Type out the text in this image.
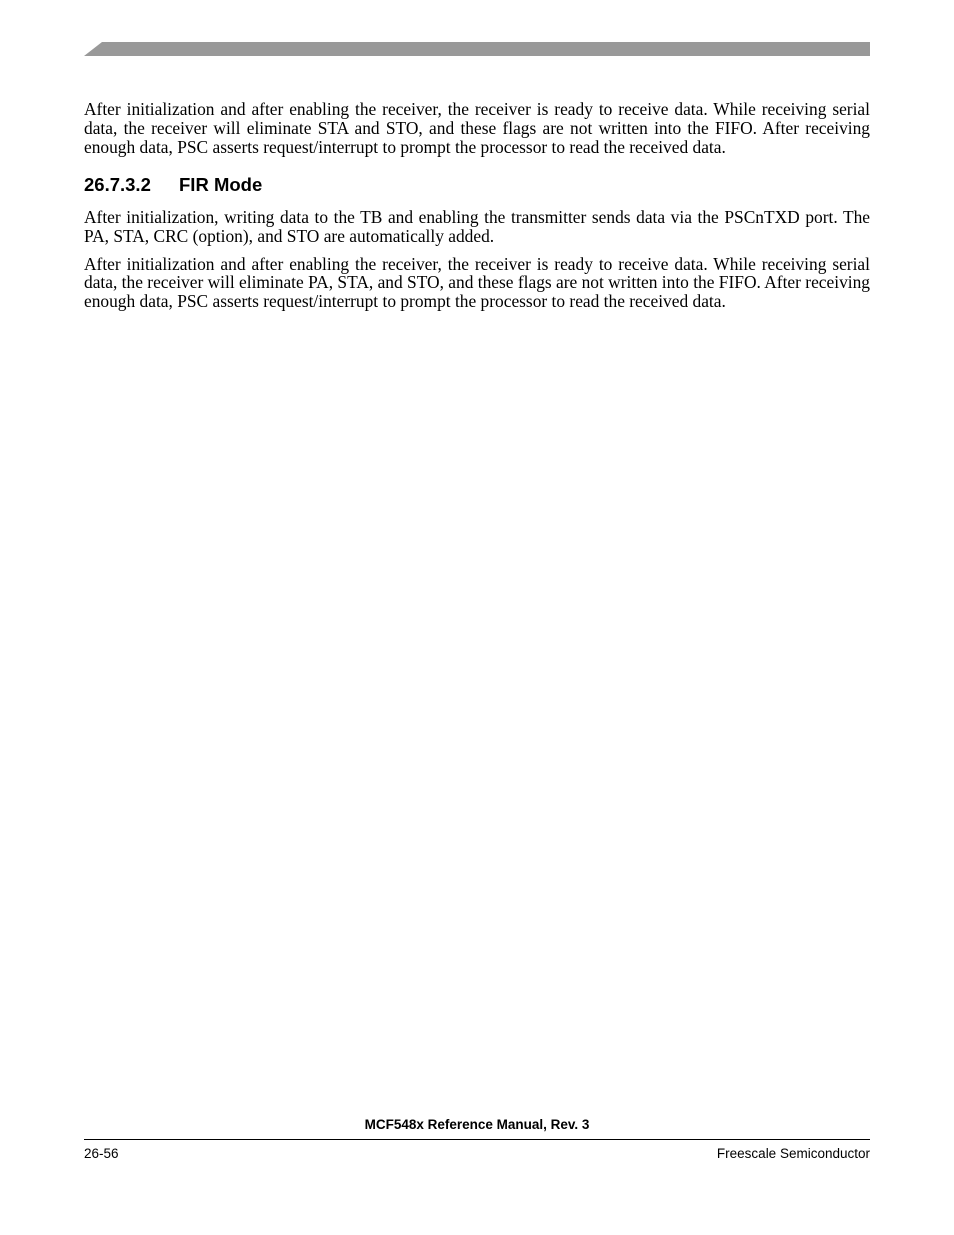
After initialization and after enabling the receiver, the receiver is ready to receive data. While receiving serial data, the receiver will eliminate STA and STO, and these flags are not written into the FIFO. After receiving enough data, PSC asserts request/interrupt to prompt the processor to read the received data.

26.7.3.2 FIR Mode

After initialization, writing data to the TB and enabling the transmitter sends data via the PSCnTXD port. The PA, STA, CRC (option), and STO are automatically added.

After initialization and after enabling the receiver, the receiver is ready to receive data. While receiving serial data, the receiver will eliminate PA, STA, and STO, and these flags are not written into the FIFO. After receiving enough data, PSC asserts request/interrupt to prompt the processor to read the received data.

MCF548x Reference Manual, Rev. 3
26-56	Freescale Semiconductor
